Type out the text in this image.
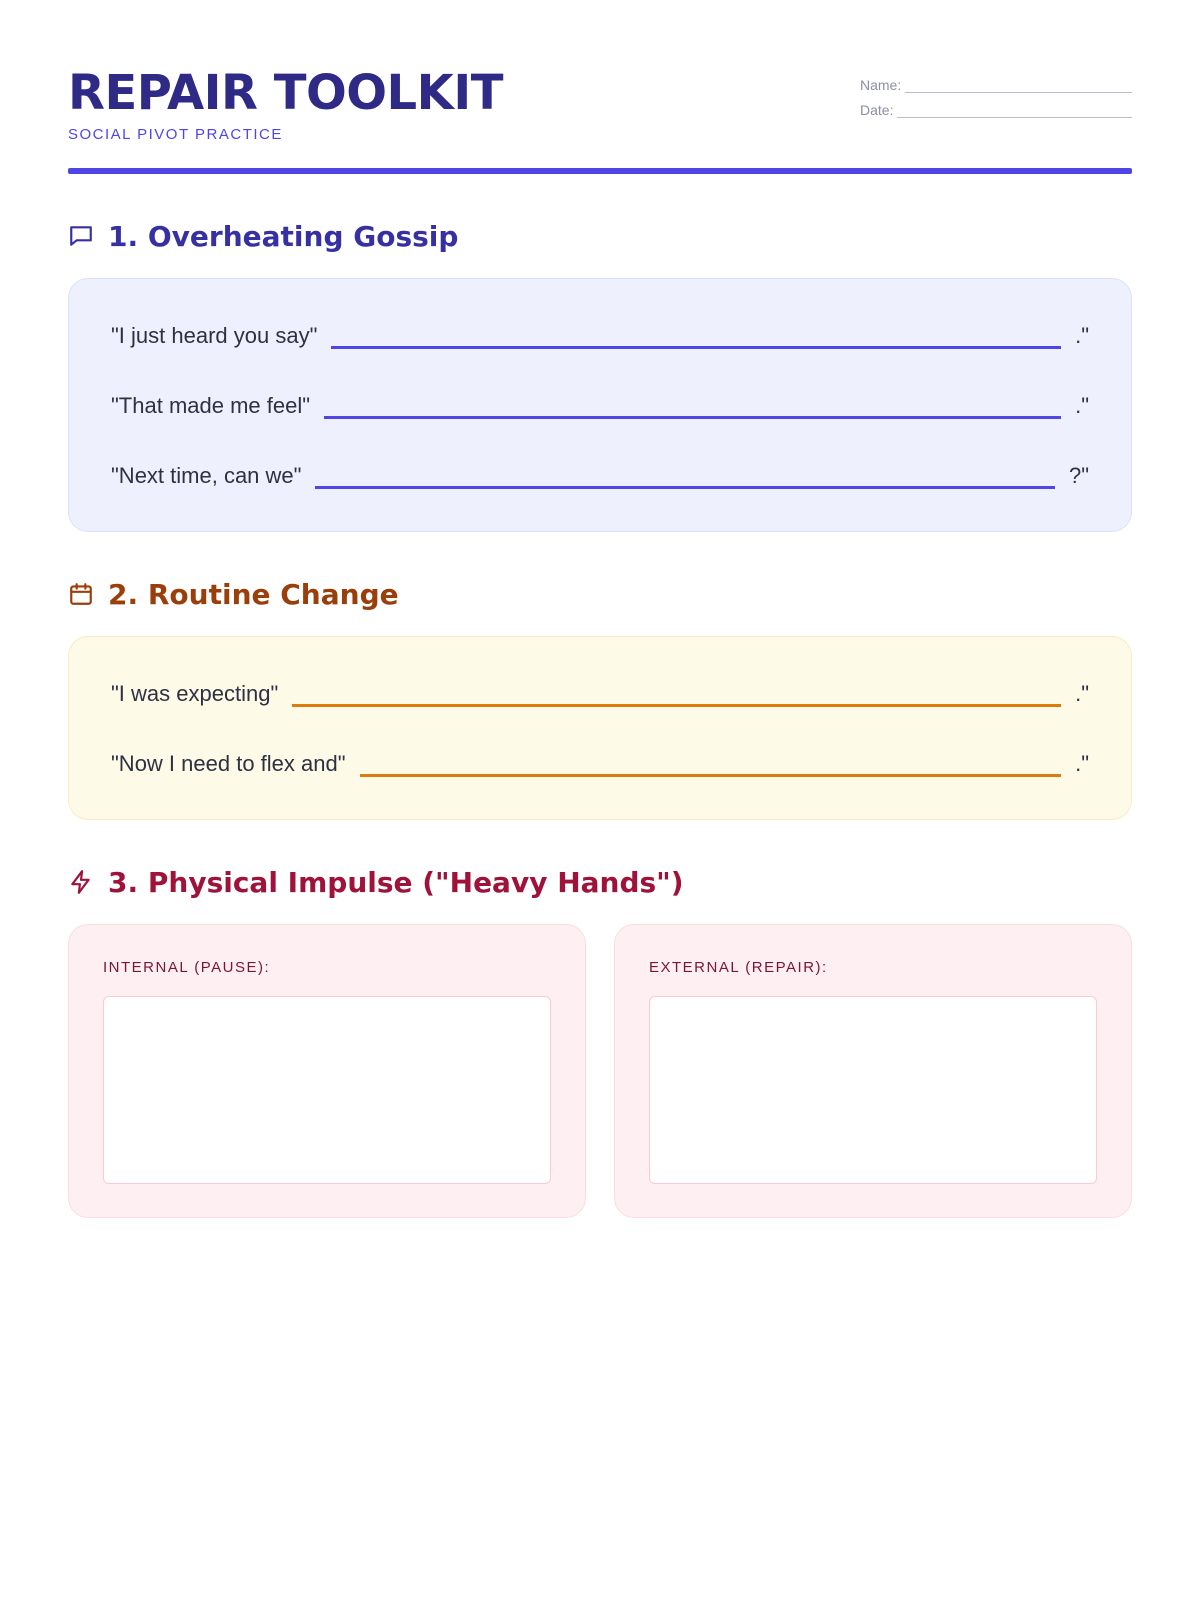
REPAIR TOOLKIT

SOCIAL PIVOT PRACTICE

Name:
Date:
1. Overheating Gossip
"I just heard you say"	."
"That made me feel"	."
"Next time, can we"	?"
2. Routine Change
"I was expecting"	."
"Now I need to flex and"	."
3. Physical Impulse ("Heavy Hands")

INTERNAL (PAUSE):	EXTERNAL (REPAIR):
